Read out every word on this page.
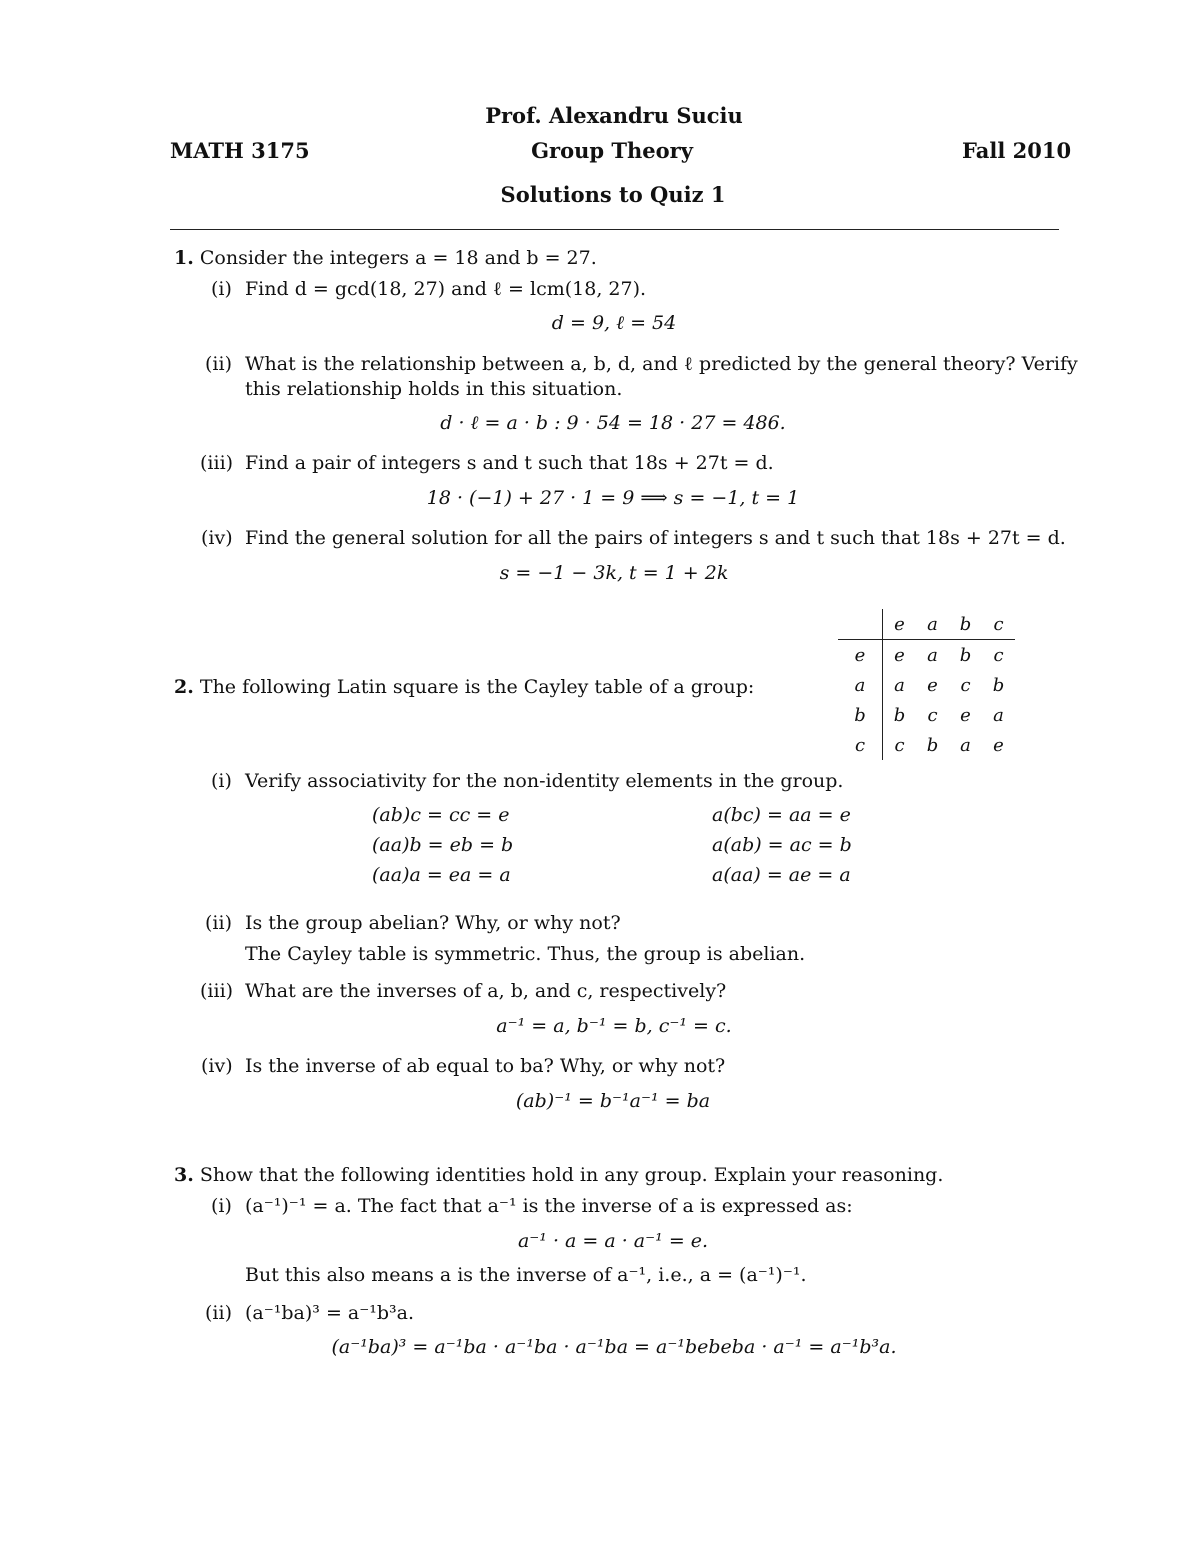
Prof. Alexandru Suciu
MATH 3175	Group Theory	Fall 2010
Solutions to Quiz 1
1. Consider the integers a = 18 and b = 27.
(i) Find d = gcd(18, 27) and ℓ = lcm(18, 27).
d = 9, ℓ = 54
(ii) What is the relationship between a, b, d, and ℓ predicted by the general theory? Verify
this relationship holds in this situation.
d · ℓ = a · b : 9 · 54 = 18 · 27 = 486.
(iii) Find a pair of integers s and t such that 18s + 27t = d.
18 · (−1) + 27 · 1 = 9 ⟹ s = −1, t = 1
(iv) Find the general solution for all the pairs of integers s and t such that 18s + 27t = d.
s = −1 − 3k, t = 1 + 2k
2. The following Latin square is the Cayley table of a group:
	e	a	b	c
e	e	a	b	c
a	a	e	c	b
b	b	c	e	a
c	c	b	a	e
(i) Verify associativity for the non-identity elements in the group.
(ab)c = cc = e	a(bc) = aa = e
(aa)b = eb = b	a(ab) = ac = b
(aa)a = ea = a	a(aa) = ae = a
(ii) Is the group abelian? Why, or why not?
The Cayley table is symmetric. Thus, the group is abelian.
(iii) What are the inverses of a, b, and c, respectively?
a⁻¹ = a, b⁻¹ = b, c⁻¹ = c.
(iv) Is the inverse of ab equal to ba? Why, or why not?
(ab)⁻¹ = b⁻¹a⁻¹ = ba
3. Show that the following identities hold in any group. Explain your reasoning.
(i) (a⁻¹)⁻¹ = a. The fact that a⁻¹ is the inverse of a is expressed as:
a⁻¹ · a = a · a⁻¹ = e.
But this also means a is the inverse of a⁻¹, i.e., a = (a⁻¹)⁻¹.
(ii) (a⁻¹ba)³ = a⁻¹b³a.
(a⁻¹ba)³ = a⁻¹ba · a⁻¹ba · a⁻¹ba = a⁻¹bebeba · a⁻¹ = a⁻¹b³a.
